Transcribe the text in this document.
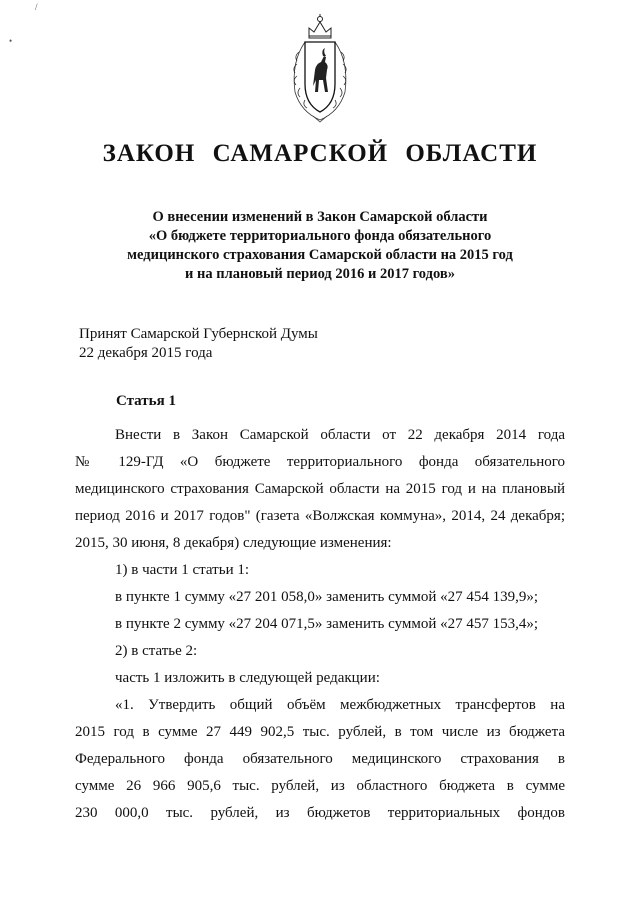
/
•
ЗАКОН САМАРСКОЙ ОБЛАСТИ
О внесении изменений в Закон Самарской области
«О бюджете территориального фонда обязательного
медицинского страхования Самарской области на 2015 год
и на плановый период 2016 и 2017 годов»
Принят Самарской Губернской Думы
22 декабря 2015 года
Статья 1
Внести в Закон Самарской области от 22 декабря 2014 года
№ 129-ГД «О бюджете территориального фонда обязательного
медицинского страхования Самарской области на 2015 год и на плановый
период 2016 и 2017 годов" (газета «Волжская коммуна», 2014, 24 декабря;
2015, 30 июня, 8 декабря) следующие изменения:
1) в части 1 статьи 1:
в пункте 1 сумму «27 201 058,0» заменить суммой «27 454 139,9»;
в пункте 2 сумму «27 204 071,5» заменить суммой «27 457 153,4»;
2) в статье 2:
часть 1 изложить в следующей редакции:
«1. Утвердить общий объём межбюджетных трансфертов на
2015 год в сумме 27 449 902,5 тыс. рублей, в том числе из бюджета
Федерального фонда обязательного медицинского страхования в
сумме 26 966 905,6 тыс. рублей, из областного бюджета в сумме
230 000,0 тыс. рублей, из бюджетов территориальных фондов
